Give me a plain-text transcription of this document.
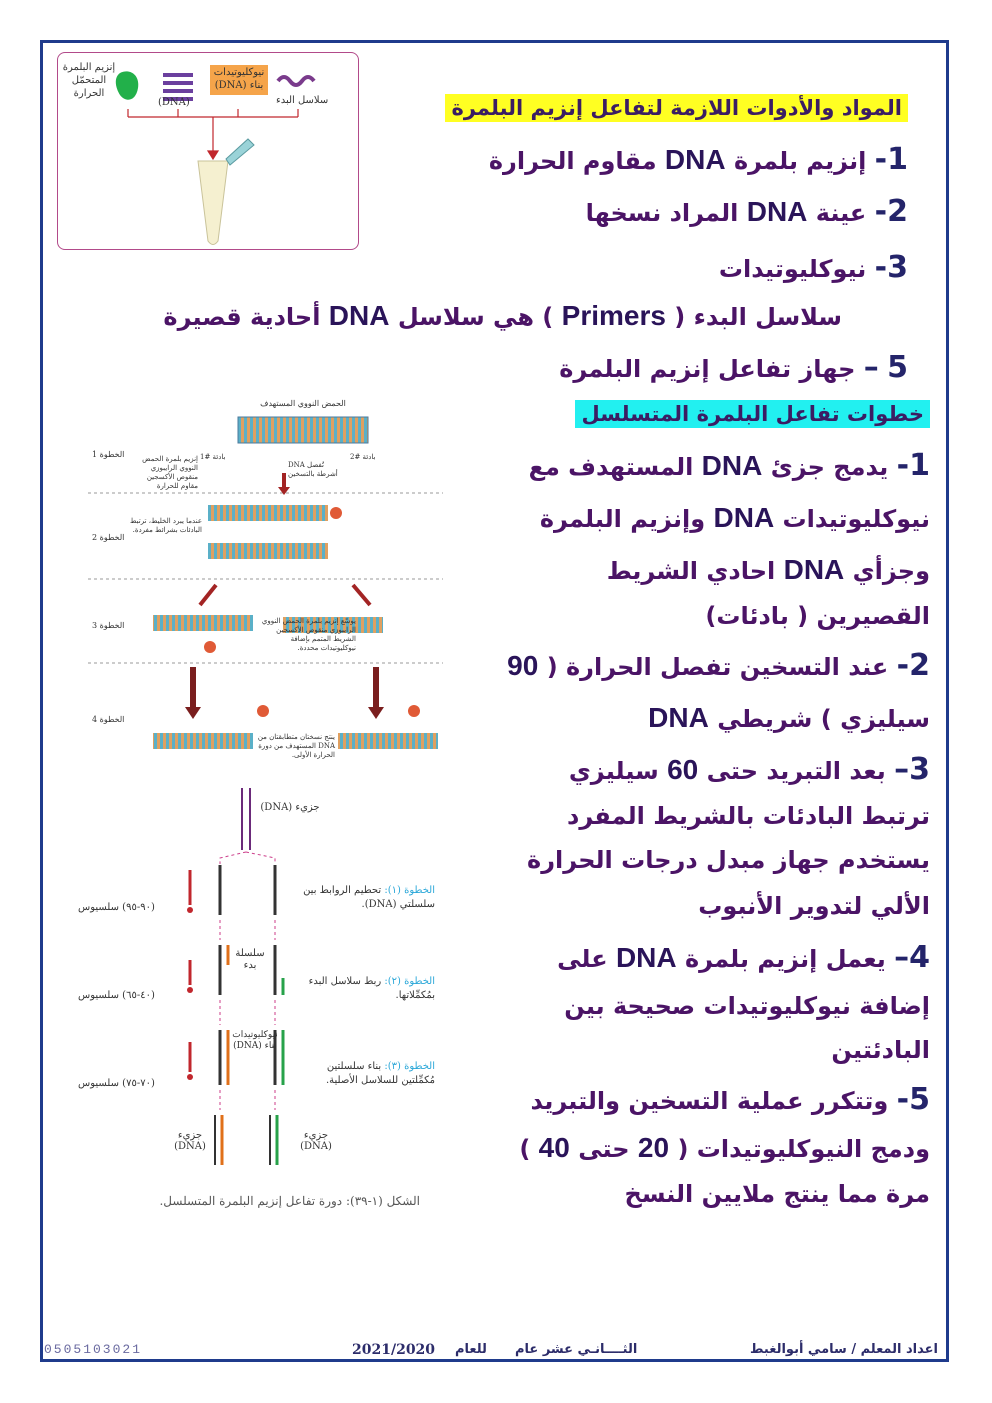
إنزيم البلمرة المتحمّل الحرارة
(DNA)
نيوكليوتيدات بناء (DNA)
سلاسل البدء	المواد والأدوات اللازمة لتفاعل إنزيم البلمرة
1- إنزيم بلمرة DNA مقاوم الحرارة
2- عينة DNA المراد نسخها
3- نيوكليوتيدات
سلاسل البدء ( Primers ) هي سلاسل DNA أحادية قصيرة
5 – جهاز تفاعل إنزيم البلمرة
خطوات تفاعل البلمرة المتسلسل
1- يدمج جزئ DNA المستهدف مع
نيوكليوتيدات DNA وإنزيم البلمرة
وجزأي DNA احادي الشريط
القصيرين ( بادئات)
2- عند التسخين تفصل الحرارة ( 90
سيليزي ) شريطي DNA
3– بعد التبريد حتى 60 سيليزي
ترتبط البادئات بالشريط المفرد
يستخدم جهاز مبدل درجات الحرارة
الألي لتدوير الأنبوب
4– يعمل إنزيم بلمرة DNA على
إضافة نيوكليوتيدات صحيحة بين
البادئتين
5- وتتكرر عملية التسخين والتبريد
ودمج النيوكليوتيدات ( 20 حتى 40 )
مرة مما ينتج ملايين النسخ
الحمض النووي المستهدف
الخطوة 1
الخطوة 2
الخطوة 3
الخطوة 4
بادئة #1	بادئة #2
DNA تُفصل أشرطة بالتسخين
إنزيم بلمرة الحمض النووي الرايبوزي منقوص الأكسجين مقاوم للحرارة
عندما يبرد الخليط، ترتبط البادئات بشرائط مفردة.
يوسّع إنزيم بلمرة الحمض النووي الرايبوزي منقوص الأكسجين الشريط المتمم بإضافة نيوكليوتيدات محددة.
ينتج نسختان متطابقتان من DNA المستهدف من دورة الحرارة الأولى.
جزيء (DNA)
(٩٠-٩٥) سلسيوس
(٤٠-٦٥) سلسيوس
(٧٠-٧٥) سلسيوس
الخطوة (١): تحطيم الروابط بين سلسلتي (DNA).
الخطوة (٢): ربط سلاسل البدء بمُكمِّلاتها.
الخطوة (٣): بناء سلسلتين مُكمِّلتين للسلاسل الأصلية.
سلسلة بدء
نيوكليوتيدات بناء (DNA)
جزيء (DNA)
جزيء (DNA)
الشكل (١-٣٩): دورة تفاعل إنزيم البلمرة المتسلسل.
0505103021	2021/2020 للعام الثــــانـي عشر عام	اعداد المعلم / سامي أبوالغبط
